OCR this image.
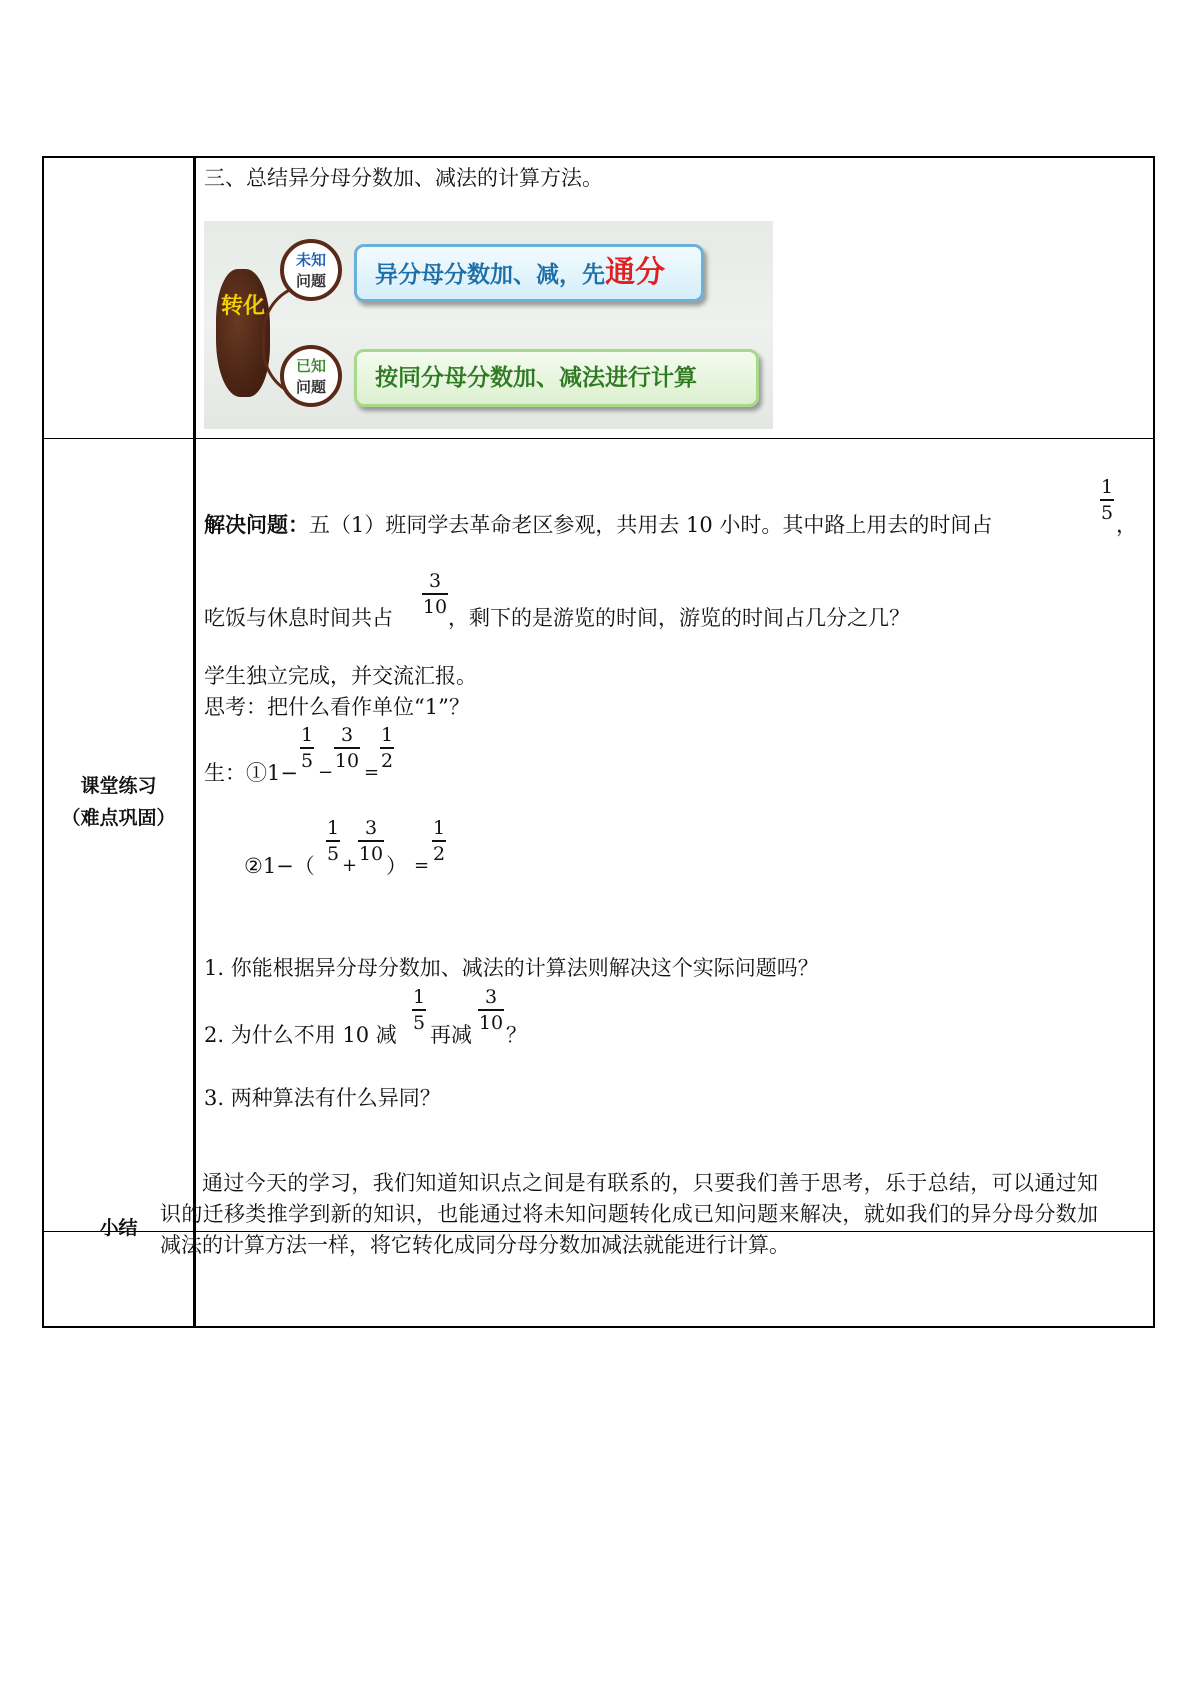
三、总结异分母分数加、减法的计算方法。
转化
未知
问题
已知
问题
异分母分数加、减，先通分
按同分母分数加、减法进行计算
课堂练习
（难点巩固）
解决问题：五（1）班同学去革命老区参观，共用去 10 小时。其中路上用去的时间占
1
5
，
吃饭与休息时间共占
3
10 ，剩下的是游览的时间，游览的时间占几分之几？
学生独立完成，并交流汇报。
思考：把什么看作单位“1”？
生：①1−
1
5
−
3
10
=
1
2
②1−（
1
5
+
3
10
） =
1
2
1. 你能根据异分母分数加、减法的计算法则解决这个实际问题吗？
2. 为什么不用 10 减
1
5
再减
3
10
？
3. 两种算法有什么异同？
小结
通过今天的学习，我们知道知识点之间是有联系的，只要我们善于思考，乐于总结，可以通过知识的迁移类推学到新的知识，也能通过将未知问题转化成已知问题来解决，就如我们的异分母分数加减法的计算方法一样，将它转化成同分母分数加减法就能进行计算。
